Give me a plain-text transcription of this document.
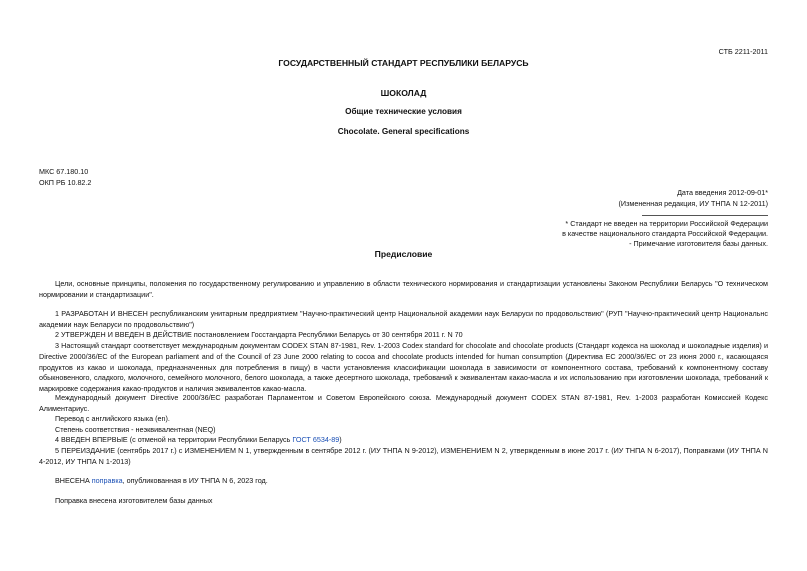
СТБ 2211-2011
ГОСУДАРСТВЕННЫЙ СТАНДАРТ РЕСПУБЛИКИ БЕЛАРУСЬ
ШОКОЛАД
Общие технические условия
Chocolate. General specifications
МКС 67.180.10
ОКП РБ 10.82.2
Дата введения 2012-09-01*
(Измененная редакция, ИУ ТНПА N 12-2011)
* Стандарт не введен на территории Российской Федерации
в качестве национального стандарта Российской Федерации.
- Примечание изготовителя базы данных.
Предисловие
Цели, основные принципы, положения по государственному регулированию и управлению в области технического нормирования и стандартизации установлены Законом Республики Беларусь "О техническом нормировании и стандартизации".
1 РАЗРАБОТАН И ВНЕСЕН республиканским унитарным предприятием "Научно-практический центр Национальной академии наук Беларуси по продовольствию" (РУП "Научно-практический центр Национальнс академии наук Беларуси по продовольствию")
2 УТВЕРЖДЕН И ВВЕДЕН В ДЕЙСТВИЕ постановлением Госстандарта Республики Беларусь от 30 сентября 2011 г. N 70
3 Настоящий стандарт соответствует международным документам CODEX STAN 87-1981, Rev. 1-2003 Codex standard for chocolate and chocolate products (Стандарт кодекса на шоколад и шоколадные изделия) и Directive 2000/36/EC of the European parliament and of the Council of 23 June 2000 relating to cocoa and chocolate products intended for human consumption (Директива ЕС 2000/36/ЕС от 23 июня 2000 г., касающаяся продуктов из какао и шоколада, предназначенных для потребления в пищу) в части установления классификации шоколада в зависимости от компонентного состава, требований к компонентному составу обыкновенного, сладкого, молочного, семейного молочного, белого шоколада, а также десертного шоколада, требований к эквивалентам какао-масла и их использованию при изготовлении шоколада, требований к маркировке содержания какао-продуктов и наличия эквивалентов какао-масла.
Международный документ Directive 2000/36/EC разработан Парламентом и Советом Европейского союза. Международный документ CODEX STAN 87-1981, Rev. 1-2003 разработан Комиссией Кодекс Алиментариус.
Перевод с английского языка (en).
Степень соответствия - неэквивалентная (NEQ)
4 ВВЕДЕН ВПЕРВЫЕ (с отменой на территории Республики Беларусь ГОСТ 6534-89)
5 ПЕРЕИЗДАНИЕ (сентябрь 2017 г.) с ИЗМЕНЕНИЕМ N 1, утвержденным в сентябре 2012 г. (ИУ ТНПА N 9-2012), ИЗМЕНЕНИЕМ N 2, утвержденным в июне 2017 г. (ИУ ТНПА N 6-2017), Поправками (ИУ ТНПА N 4-2012, ИУ ТНПА N 1-2013)
ВНЕСЕНА поправка, опубликованная в ИУ ТНПА N 6, 2023 год.
Поправка внесена изготовителем базы данных
